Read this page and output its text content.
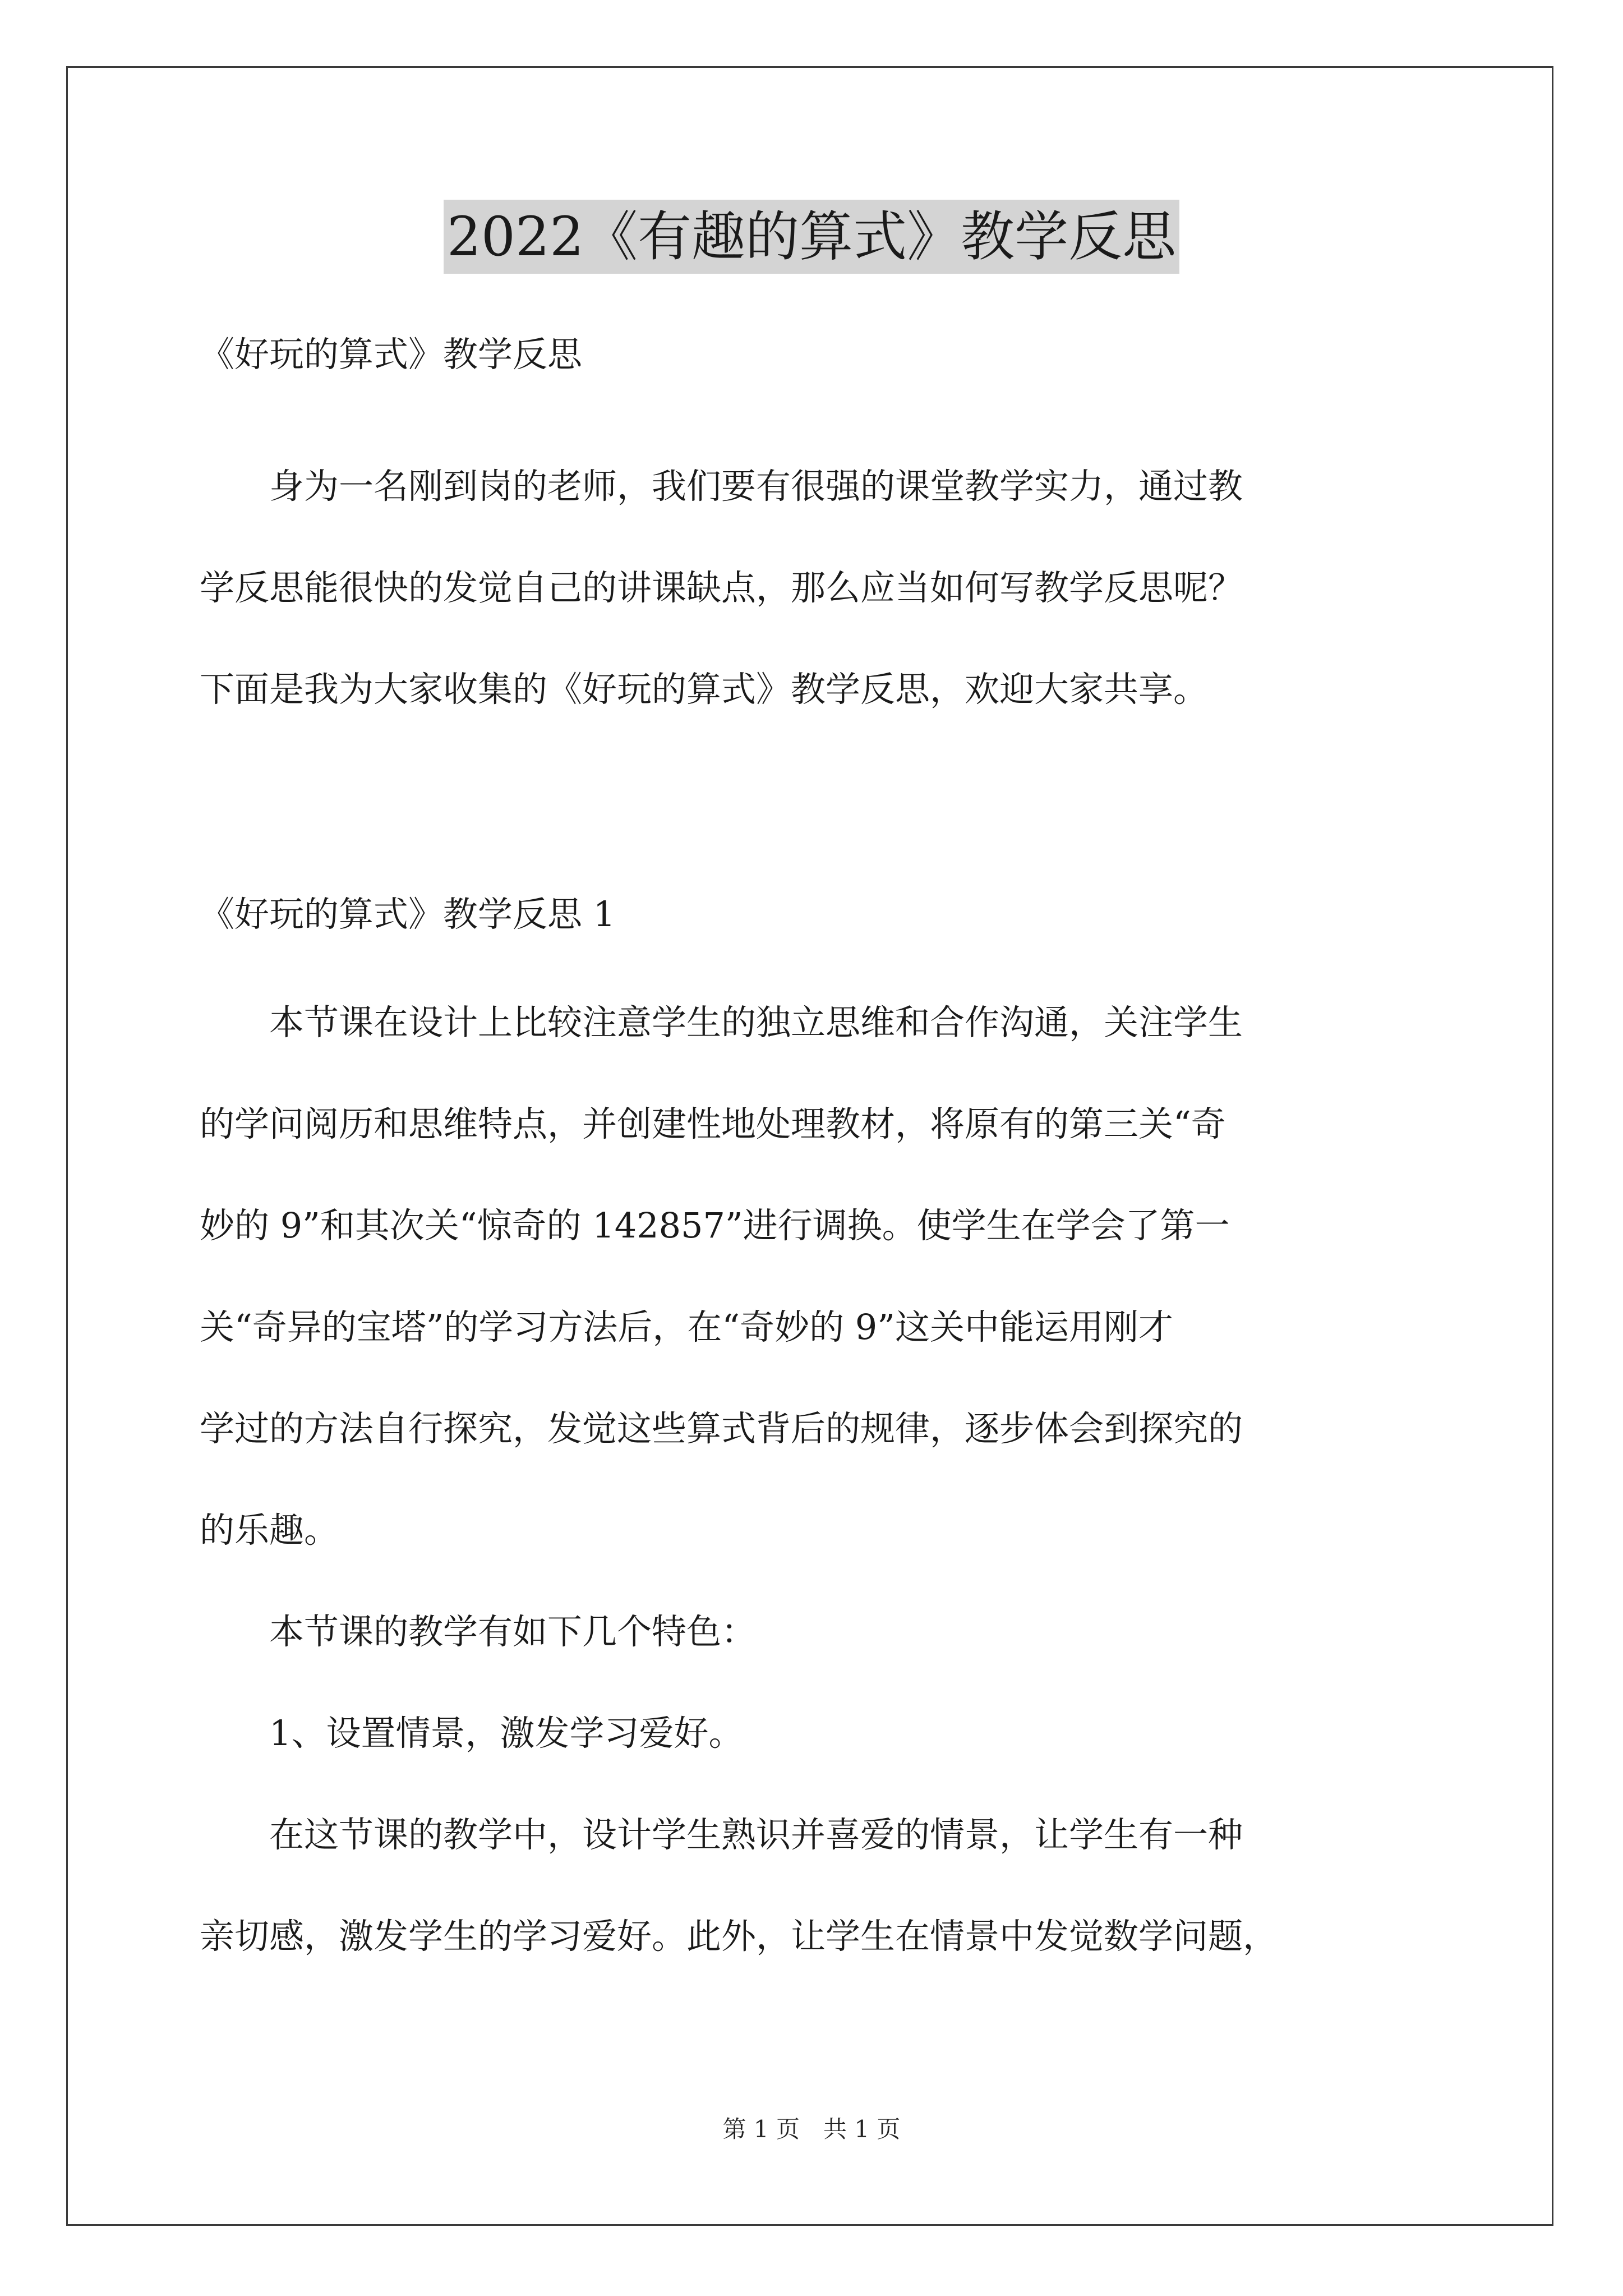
2022《有趣的算式》教学反思
《好玩的算式》教学反思
　　身为一名刚到岗的老师，我们要有很强的课堂教学实力，通过教
学反思能很快的发觉自己的讲课缺点，那么应当如何写教学反思呢？
下面是我为大家收集的《好玩的算式》教学反思，欢迎大家共享。
《好玩的算式》教学反思 1
　　本节课在设计上比较注意学生的独立思维和合作沟通，关注学生
的学问阅历和思维特点，并创建性地处理教材，将原有的第三关“奇
妙的 9”和其次关“惊奇的 142857”进行调换。使学生在学会了第一
关“奇异的宝塔”的学习方法后，在“奇妙的 9”这关中能运用刚才
学过的方法自行探究，发觉这些算式背后的规律，逐步体会到探究的
的乐趣。
　　本节课的教学有如下几个特色：
　　1、设置情景，激发学习爱好。
　　在这节课的教学中，设计学生熟识并喜爱的情景，让学生有一种
亲切感，激发学生的学习爱好。此外，让学生在情景中发觉数学问题，
第 1 页　共 1 页
